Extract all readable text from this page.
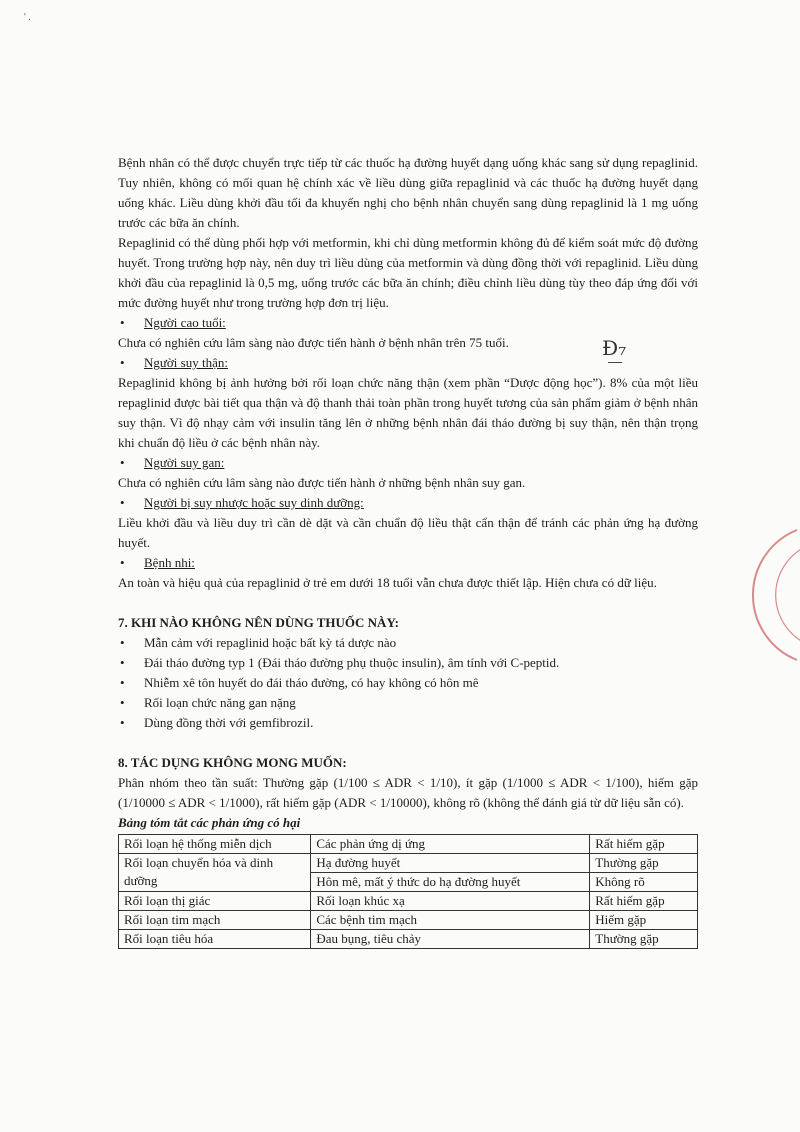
' .
Đ₇

Bệnh nhân có thể được chuyển trực tiếp từ các thuốc hạ đường huyết dạng uống khác sang sử dụng repaglinid. Tuy nhiên, không có mối quan hệ chính xác về liều dùng giữa repaglinid và các thuốc hạ đường huyết dạng uống khác. Liều dùng khởi đầu tối đa khuyến nghị cho bệnh nhân chuyển sang dùng repaglinid là 1 mg uống trước các bữa ăn chính.

Repaglinid có thể dùng phối hợp với metformin, khi chỉ dùng metformin không đủ để kiểm soát mức độ đường huyết. Trong trường hợp này, nên duy trì liều dùng của metformin và dùng đồng thời với repaglinid. Liều dùng khởi đầu của repaglinid là 0,5 mg, uống trước các bữa ăn chính; điều chỉnh liều dùng tùy theo đáp ứng đối với mức đường huyết như trong trường hợp đơn trị liệu.

• Người cao tuổi:

Chưa có nghiên cứu lâm sàng nào được tiến hành ở bệnh nhân trên 75 tuổi.

• Người suy thận:

Repaglinid không bị ảnh hưởng bởi rối loạn chức năng thận (xem phần “Dược động học”). 8% của một liều repaglinid được bài tiết qua thận và độ thanh thải toàn phần trong huyết tương của sản phẩm giảm ở bệnh nhân suy thận. Vì độ nhạy cảm với insulin tăng lên ở những bệnh nhân đái tháo đường bị suy thận, nên thận trọng khi chuẩn độ liều ở các bệnh nhân này.

• Người suy gan:

Chưa có nghiên cứu lâm sàng nào được tiến hành ở những bệnh nhân suy gan.

• Người bị suy nhược hoặc suy dinh dưỡng:

Liều khởi đầu và liều duy trì cần dè dặt và cần chuẩn độ liều thật cẩn thận để tránh các phản ứng hạ đường huyết.

• Bệnh nhi:

An toàn và hiệu quả của repaglinid ở trẻ em dưới 18 tuổi vẫn chưa được thiết lập. Hiện chưa có dữ liệu.

7. KHI NÀO KHÔNG NÊN DÙNG THUỐC NÀY:

• Mẫn cảm với repaglinid hoặc bất kỳ tá dược nào

• Đái tháo đường typ 1 (Đái tháo đường phụ thuộc insulin), âm tính với C-peptid.

• Nhiễm xê tôn huyết do đái tháo đường, có hay không có hôn mê

• Rối loạn chức năng gan nặng

• Dùng đồng thời với gemfibrozil.

8. TÁC DỤNG KHÔNG MONG MUỐN:

Phân nhóm theo tần suất: Thường gặp (1/100 ≤ ADR < 1/10), ít gặp (1/1000 ≤ ADR < 1/100), hiếm gặp (1/10000 ≤ ADR < 1/1000), rất hiếm gặp (ADR < 1/10000), không rõ (không thể đánh giá từ dữ liệu sẵn có).

Bảng tóm tắt các phản ứng có hại

Rối loạn hệ thống miễn dịch	Các phản ứng dị ứng	Rất hiếm gặp
Rối loạn chuyển hóa và dinh dưỡng	Hạ đường huyết	Thường gặp
	Hôn mê, mất ý thức do hạ đường huyết	Không rõ
Rối loạn thị giác	Rối loạn khúc xạ	Rất hiếm gặp
Rối loạn tim mạch	Các bệnh tim mạch	Hiếm gặp
Rối loạn tiêu hóa	Đau bụng, tiêu chảy	Thường gặp
